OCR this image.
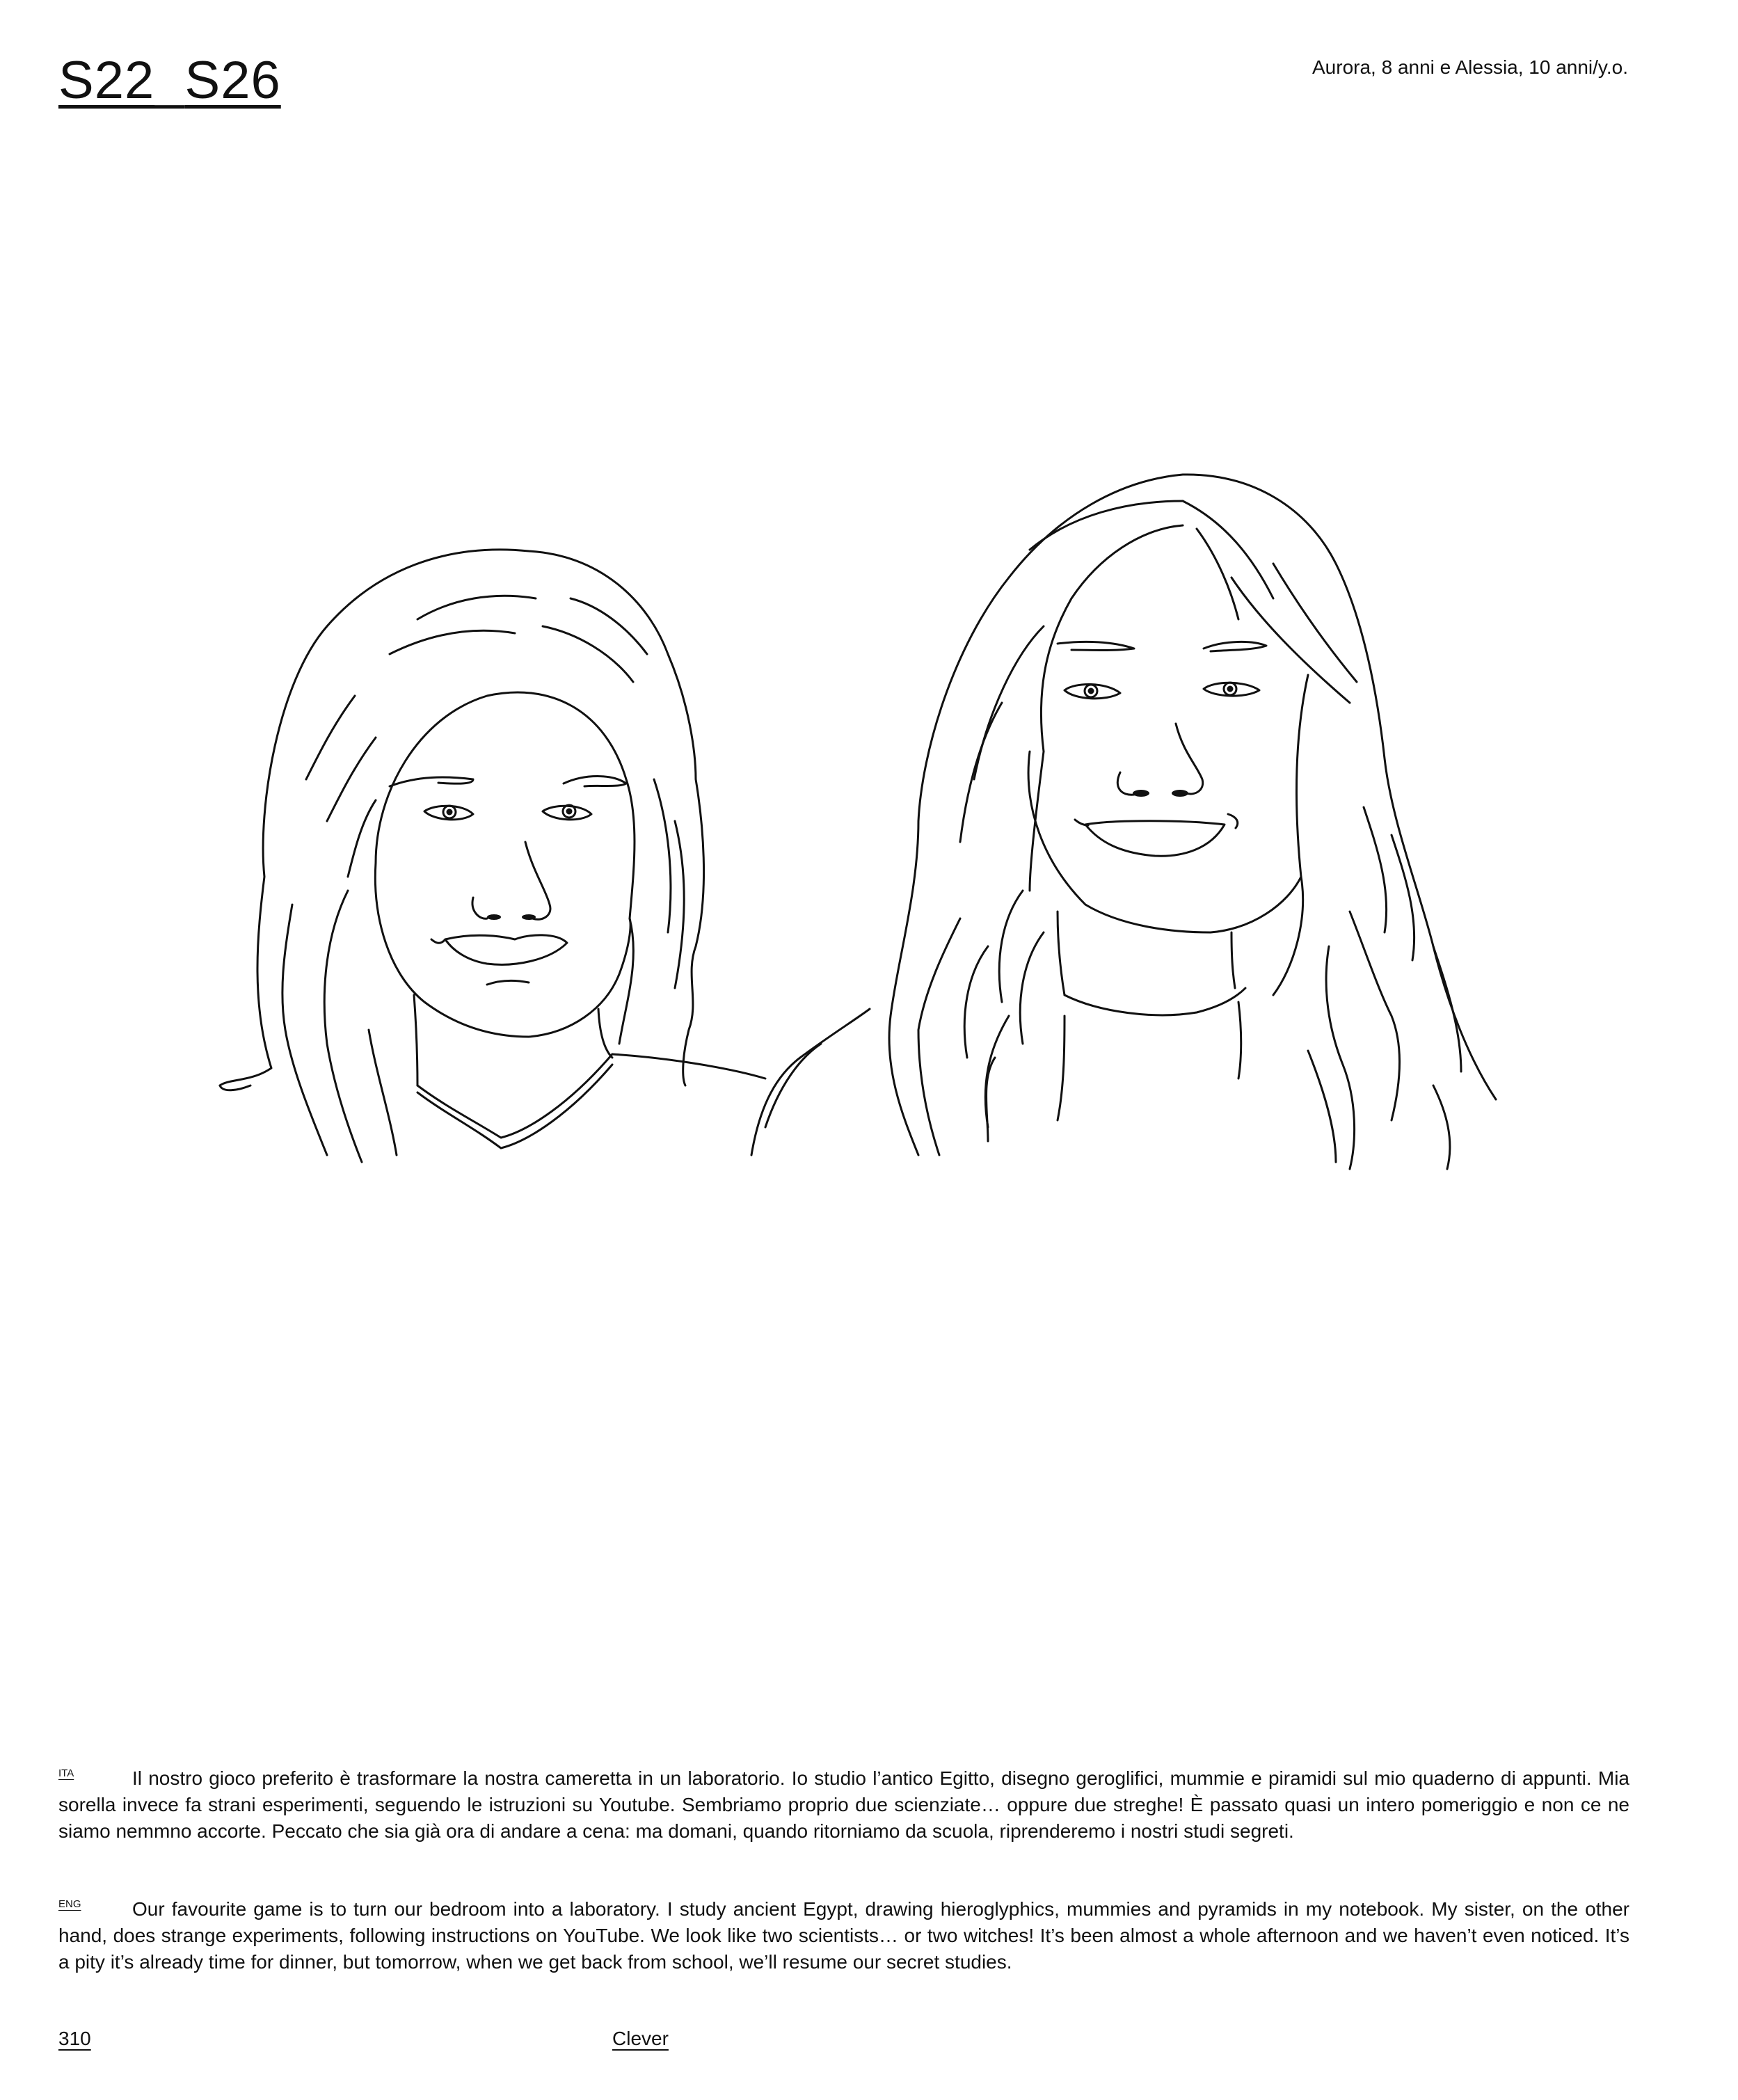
S22_S26	Aurora, 8 anni e Alessia, 10 anni/y.o.
ITA	Il nostro gioco preferito è trasformare la nostra cameretta in un laboratorio. Io studio l’antico Egitto, disegno geroglifici, mummie e piramidi sul mio quaderno di appunti. Mia sorella invece fa strani esperimenti, seguendo le istruzioni su Youtube. Sembriamo proprio due scienziate… oppure due streghe! È passato quasi un intero pomeriggio e non ce ne siamo nemmno accorte. Peccato che sia già ora di andare a cena: ma domani, quando ritorniamo da scuola, riprenderemo i nostri studi segreti.
ENG	Our favourite game is to turn our bedroom into a laboratory. I study ancient Egypt, drawing hieroglyphics, mummies and pyramids in my notebook. My sister, on the other hand, does strange experiments, following instructions on YouTube. We look like two scientists… or two witches! It’s been almost a whole afternoon and we haven’t even noticed. It’s a pity it’s already time for dinner, but tomorrow, when we get back from school, we’ll resume our secret studies.
310	Clever
